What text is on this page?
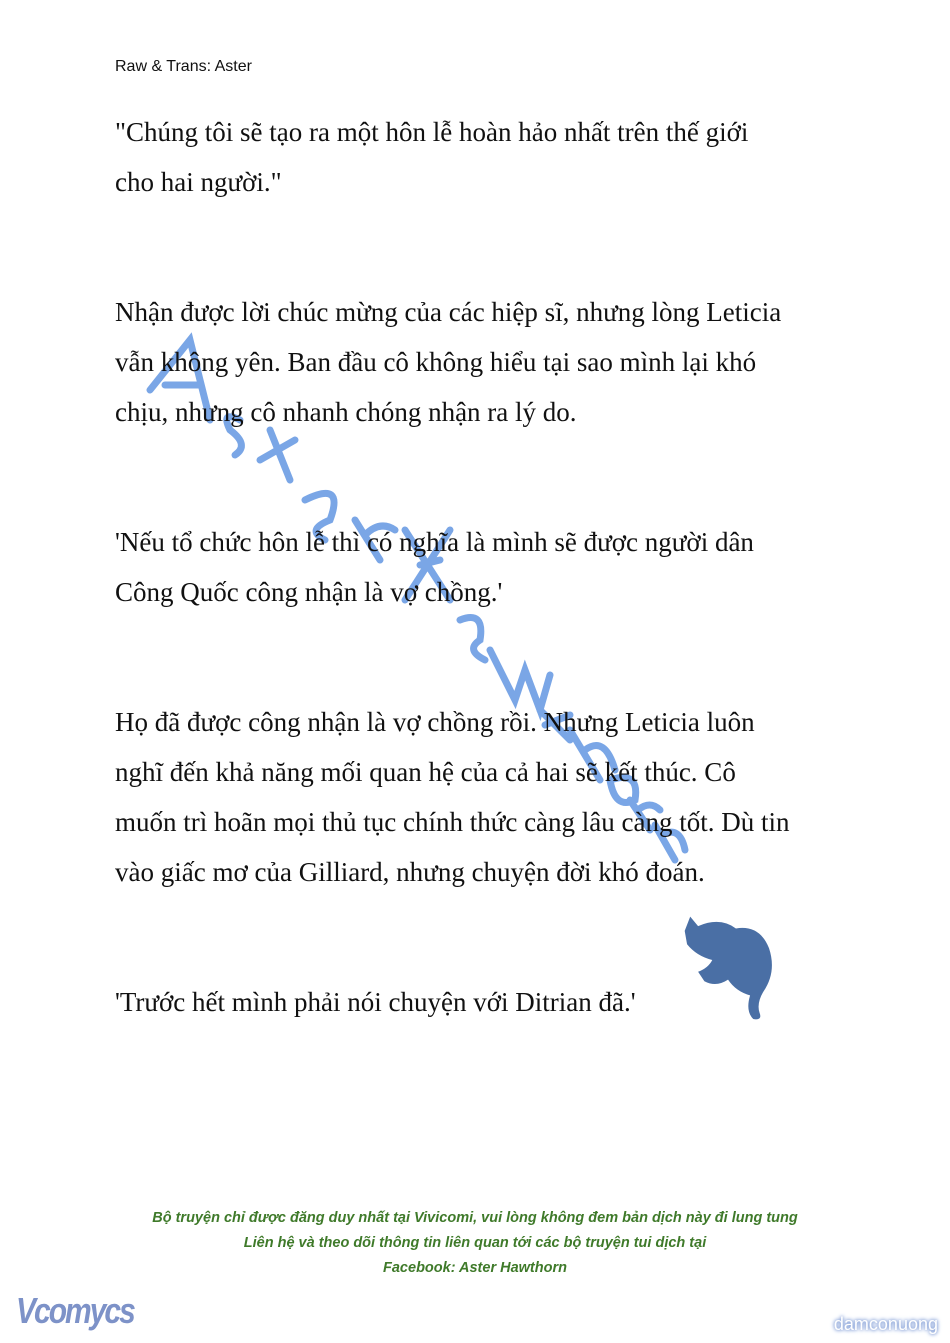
Raw & Trans: Aster
"Chúng tôi sẽ tạo ra một hôn lễ hoàn hảo nhất trên thế giới
cho hai người."
Nhận được lời chúc mừng của các hiệp sĩ, nhưng lòng Leticia
vẫn không yên. Ban đầu cô không hiểu tại sao mình lại khó
chịu, nhưng cô nhanh chóng nhận ra lý do.
'Nếu tổ chức hôn lễ thì có nghĩa là mình sẽ được người dân
Công Quốc công nhận là vợ chồng.'
Họ đã được công nhận là vợ chồng rồi. Nhưng Leticia luôn
nghĩ đến khả năng mối quan hệ của cả hai sẽ kết thúc. Cô
muốn trì hoãn mọi thủ tục chính thức càng lâu càng tốt. Dù tin
vào giấc mơ của Gilliard, nhưng chuyện đời khó đoán.
'Trước hết mình phải nói chuyện với Ditrian đã.'
Bộ truyện chỉ được đăng duy nhất tại Vivicomi, vui lòng không đem bản dịch này đi lung tung
Liên hệ và theo dõi thông tin liên quan tới các bộ truyện tui dịch tại
Facebook: Aster Hawthorn
Vcomycs	damconuong
